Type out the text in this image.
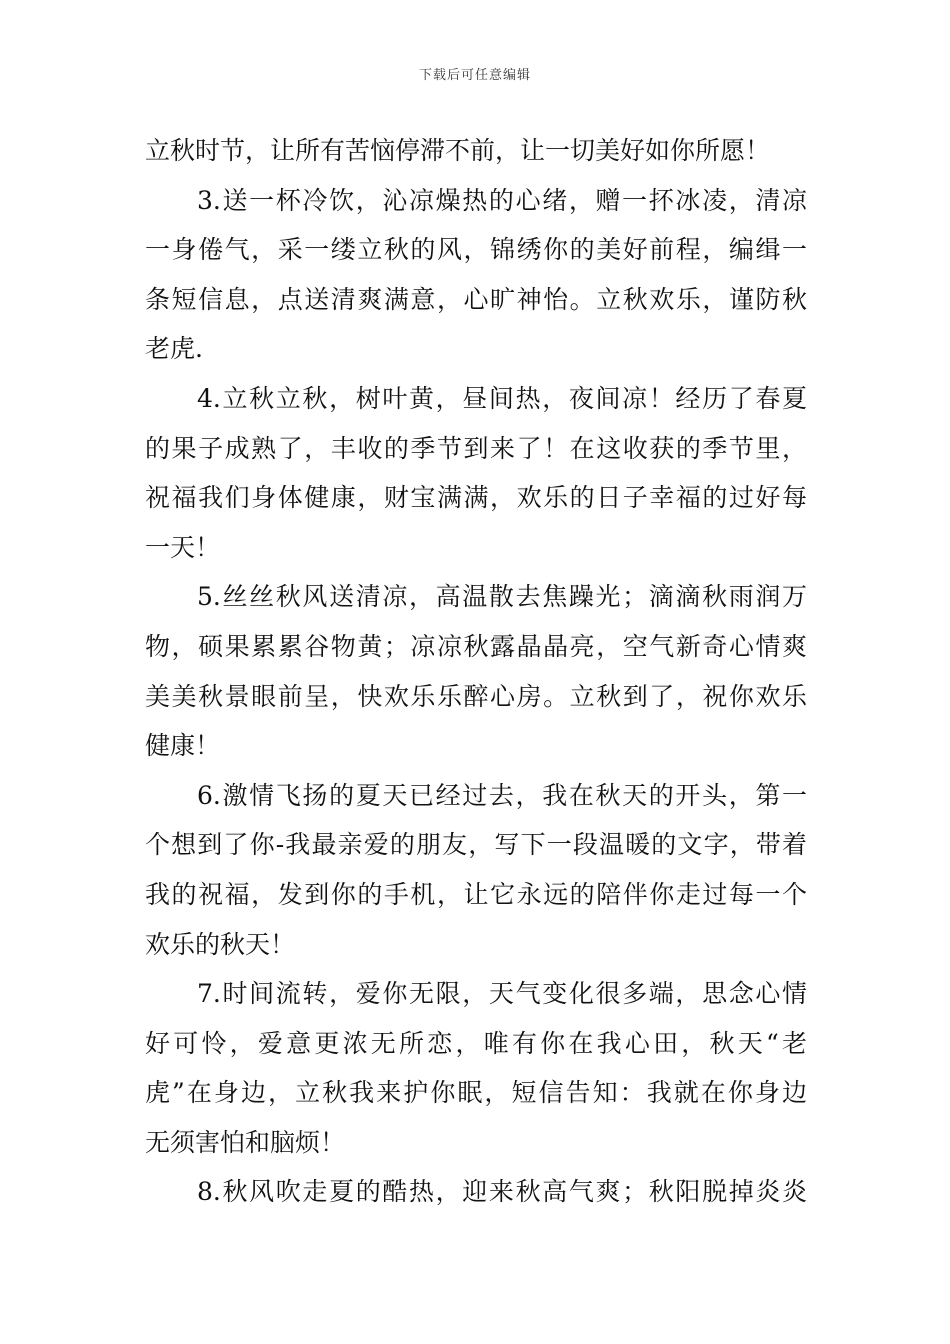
下载后可任意编辑
立秋时节，让所有苦恼停滞不前，让一切美好如你所愿！
3.送一杯冷饮，沁凉燥热的心绪，赠一抔冰凌，清凉
一身倦气，采一缕立秋的风，锦绣你的美好前程，编缉一
条短信息，点送清爽满意，心旷神怡。立秋欢乐，谨防秋
老虎.
4.立秋立秋，树叶黄，昼间热，夜间凉！经历了春夏
的果子成熟了，丰收的季节到来了！在这收获的季节里，
祝福我们身体健康，财宝满满，欢乐的日子幸福的过好每
一天！
5.丝丝秋风送清凉，高温散去焦躁光；滴滴秋雨润万
物，硕果累累谷物黄；凉凉秋露晶晶亮，空气新奇心情爽
美美秋景眼前呈，快欢乐乐醉心房。立秋到了，祝你欢乐
健康！
6.激情飞扬的夏天已经过去，我在秋天的开头，第一
个想到了你-我最亲爱的朋友，写下一段温暖的文字，带着
我的祝福，发到你的手机，让它永远的陪伴你走过每一个
欢乐的秋天！
7.时间流转，爱你无限，天气变化很多端，思念心情
好可怜，爱意更浓无所恋，唯有你在我心田，秋天“老
虎”在身边，立秋我来护你眠，短信告知：我就在你身边
无须害怕和脑烦！
8.秋风吹走夏的酷热，迎来秋高气爽；秋阳脱掉炎炎
